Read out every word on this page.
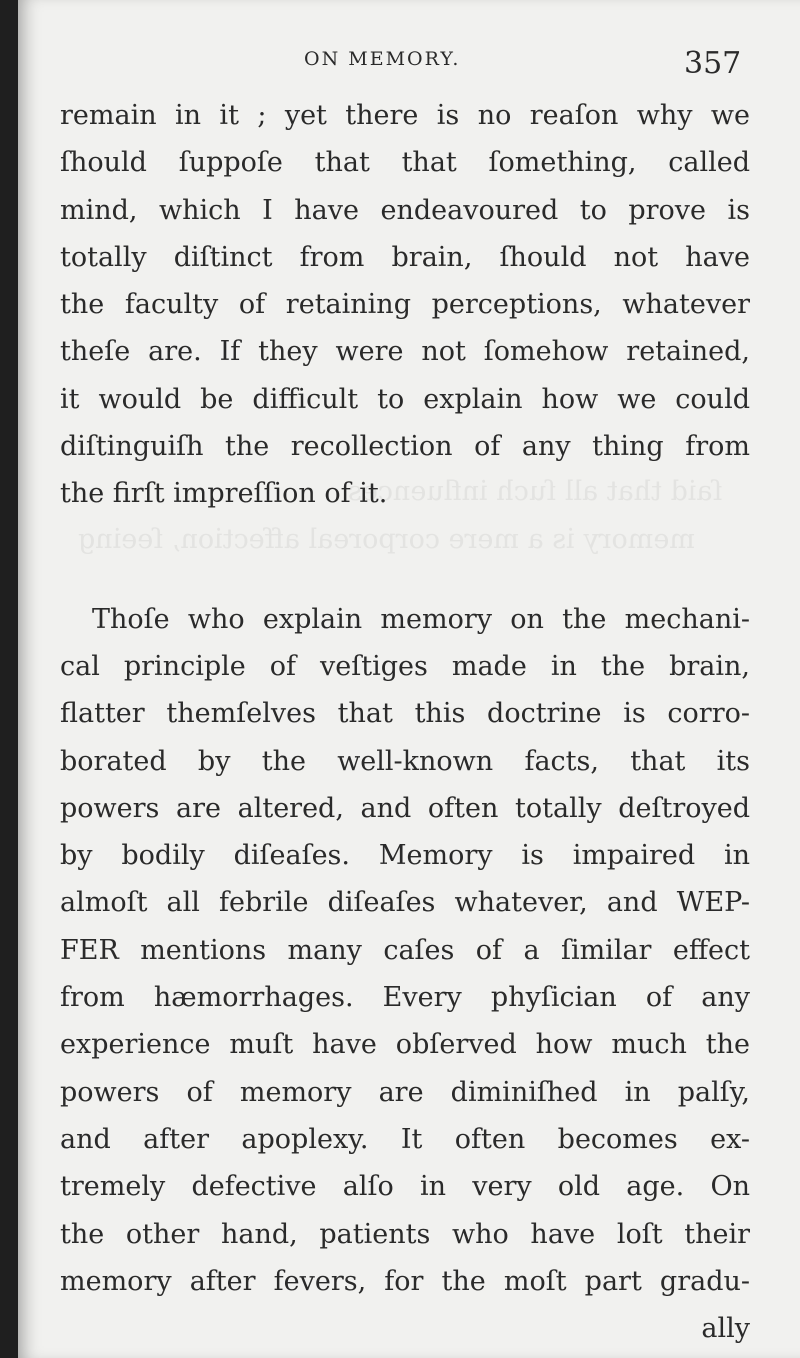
ſaid that all ſuch influences
memory is a mere corporeal affection, ſeeing
ON MEMORY.	357
remain in it ; yet there is no reaſon why we
ſhould ſuppoſe that that ſomething, called
mind, which I have endeavoured to prove is
totally diſtinct from brain, ſhould not have
the faculty of retaining perceptions, whatever
theſe are. If they were not ſomehow retained,
it would be difficult to explain how we could
diſtinguiſh the recollection of any thing from
the firſt impreſſion of it.
Thoſe who explain memory on the mechani-
cal principle of veſtiges made in the brain,
flatter themſelves that this doctrine is corro-
borated by the well-known facts, that its
powers are altered, and often totally deſtroyed
by bodily diſeaſes. Memory is impaired in
almoſt all febrile diſeaſes whatever, and WEP-
FER mentions many caſes of a ſimilar effect
from hæmorrhages. Every phyſician of any
experience muſt have obſerved how much the
powers of memory are diminiſhed in palſy,
and after apoplexy. It often becomes ex-
tremely defective alſo in very old age. On
the other hand, patients who have loſt their
memory after fevers, for the moſt part gradu-
ally
